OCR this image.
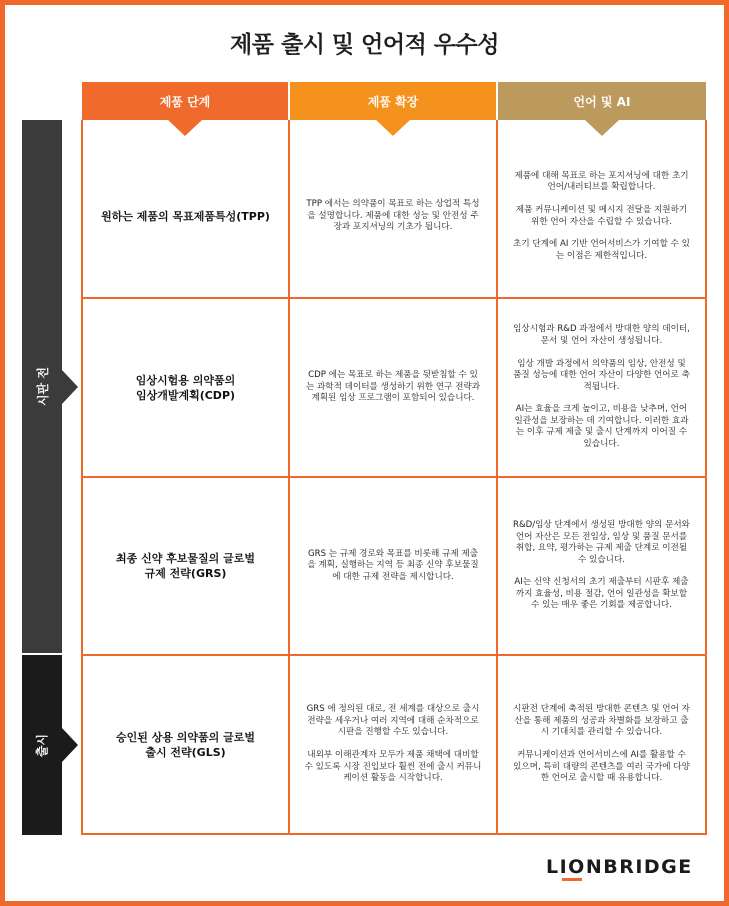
제품 출시 및 언어적 우수성
제품 단계	제품 확장	언어 및 AI
시판 전
출시
원하는 제품의 목표제품특성(TPP)

TPP 에서는 의약품이 목표로 하는 상업적 특성을 설명합니다. 제품에 대한 성능 및 안전성 주장과 포지셔닝의 기초가 됩니다.

제품에 대해 목표로 하는 포지셔닝에 대한 초기 언어/내러티브를 확립합니다.

제품 커뮤니케이션 및 메시지 전달을 지원하기 위한 언어 자산을 수립할 수 있습니다.

초기 단계에 AI 기반 언어서비스가 기여할 수 있는 이점은 제한적입니다.

임상시험용 의약품의
임상개발계획(CDP)

CDP 에는 목표로 하는 제품을 뒷받침할 수 있는 과학적 데이터를 생성하기 위한 연구 전략과 계획된 임상 프로그램이 포함되어 있습니다.

임상시험과 R&D 과정에서 방대한 양의 데이터, 문서 및 언어 자산이 생성됩니다.

임상 개발 과정에서 의약품의 임상, 안전성 및 품질 성능에 대한 언어 자산이 다양한 언어로 축적됩니다.

AI는 효율을 크게 높이고, 비용을 낮추며, 언어 일관성을 보장하는 데 기여합니다. 이러한 효과는 이후 규제 제출 및 출시 단계까지 이어질 수 있습니다.

최종 신약 후보물질의 글로벌
규제 전략(GRS)

GRS 는 규제 경로와 목표를 비롯해 규제 제출을 계획, 실행하는 지역 등 최종 신약 후보물질에 대한 규제 전략을 제시합니다.

R&D/임상 단계에서 생성된 방대한 양의 문서와 언어 자산은 모든 전임상, 임상 및 품질 문서를 취합, 요약, 평가하는 규제 제출 단계로 이전될 수 있습니다.

AI는 신약 신청서의 초기 제출부터 시판후 제출까지 효율성, 비용 절감, 언어 일관성을 확보할 수 있는 매우 좋은 기회를 제공합니다.

승인된 상용 의약품의 글로벌
출시 전략(GLS)

GRS 에 정의된 대로, 전 세계를 대상으로 출시 전략을 세우거나 여러 지역에 대해 순차적으로 시판을 진행할 수도 있습니다.

내외부 이해관계자 모두가 제품 채택에 대비할 수 있도록 시장 진입보다 훨씬 전에 출시 커뮤니케이션 활동을 시작합니다.

시판전 단계에 축적된 방대한 콘텐츠 및 언어 자산을 통해 제품의 성공과 차별화를 보장하고 출시 기대치를 관리할 수 있습니다.

커뮤니케이션과 언어서비스에 AI를 활용할 수 있으며, 특히 대량의 콘텐츠를 여러 국가에 다양한 언어로 출시할 때 유용합니다.

LIONBRIDGE
